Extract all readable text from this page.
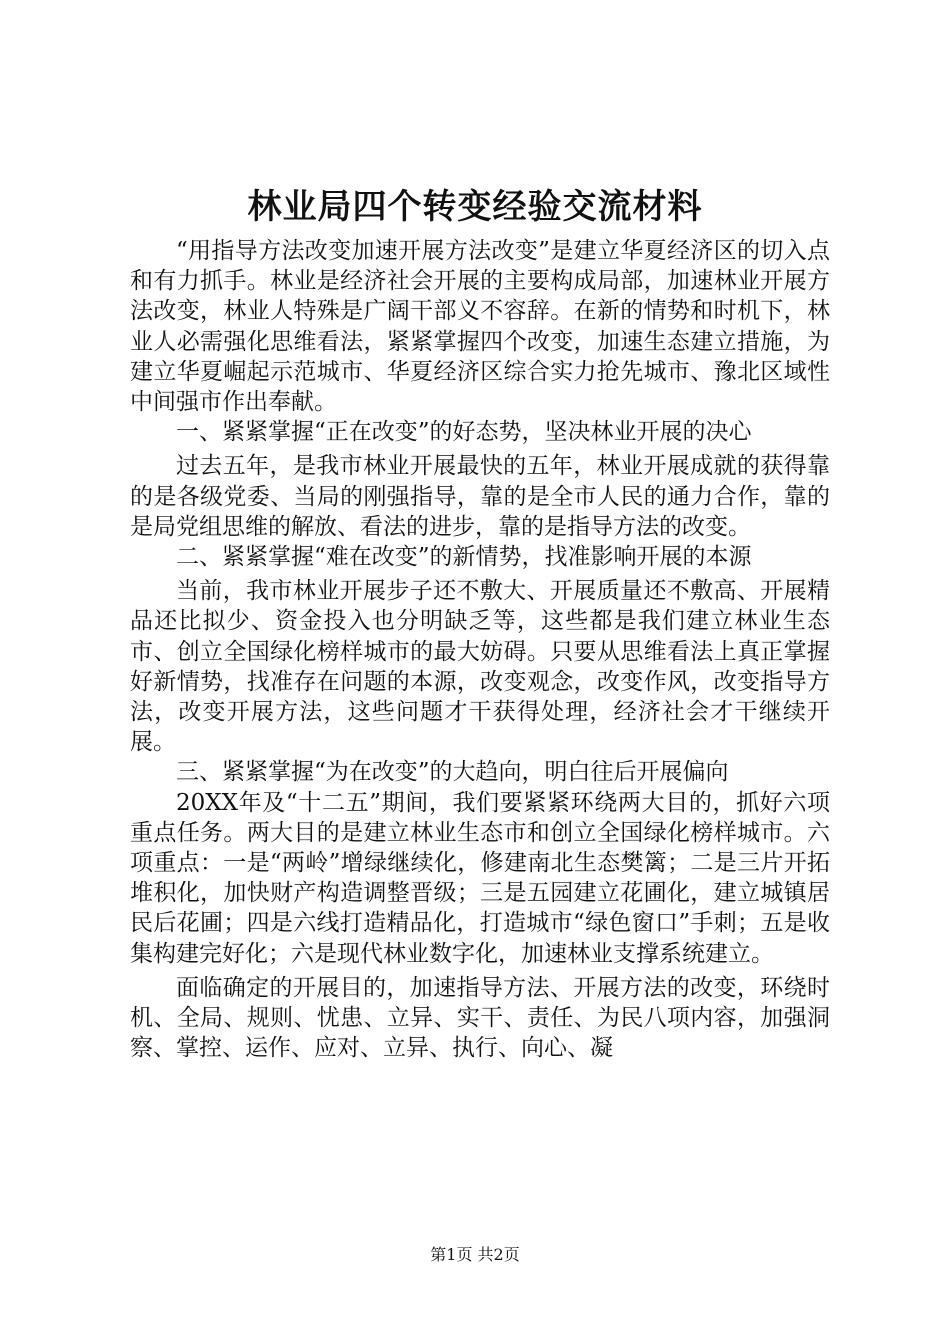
林业局四个转变经验交流材料

“用指导方法改变加速开展方法改变”是建立华夏经济区的切入点和有力抓手。林业是经济社会开展的主要构成局部，加速林业开展方法改变，林业人特殊是广阔干部义不容辞。在新的情势和时机下，林业人必需强化思维看法，紧紧掌握四个改变，加速生态建立措施，为建立华夏崛起示范城市、华夏经济区综合实力抢先城市、豫北区域性中间强市作出奉献。

一、紧紧掌握“正在改变”的好态势，坚决林业开展的决心

过去五年，是我市林业开展最快的五年，林业开展成就的获得靠的是各级党委、当局的刚强指导，靠的是全市人民的通力合作，靠的是局党组思维的解放、看法的进步，靠的是指导方法的改变。

二、紧紧掌握“难在改变”的新情势，找准影响开展的本源

当前，我市林业开展步子还不敷大、开展质量还不敷高、开展精品还比拟少、资金投入也分明缺乏等，这些都是我们建立林业生态市、创立全国绿化榜样城市的最大妨碍。只要从思维看法上真正掌握好新情势，找准存在问题的本源，改变观念，改变作风，改变指导方法，改变开展方法，这些问题才干获得处理，经济社会才干继续开展。

三、紧紧掌握“为在改变”的大趋向，明白往后开展偏向

20XX年及“十二五”期间，我们要紧紧环绕两大目的，抓好六项重点任务。两大目的是建立林业生态市和创立全国绿化榜样城市。六项重点：一是“两岭”增绿继续化，修建南北生态樊篱；二是三片开拓堆积化，加快财产构造调整晋级；三是五园建立花圃化，建立城镇居民后花圃；四是六线打造精品化，打造城市“绿色窗口”手刺；五是收集构建完好化；六是现代林业数字化，加速林业支撑系统建立。

面临确定的开展目的，加速指导方法、开展方法的改变，环绕时机、全局、规则、忧患、立异、实干、责任、为民八项内容，加强洞察、掌控、运作、应对、立异、执行、向心、凝

第1页 共2页
